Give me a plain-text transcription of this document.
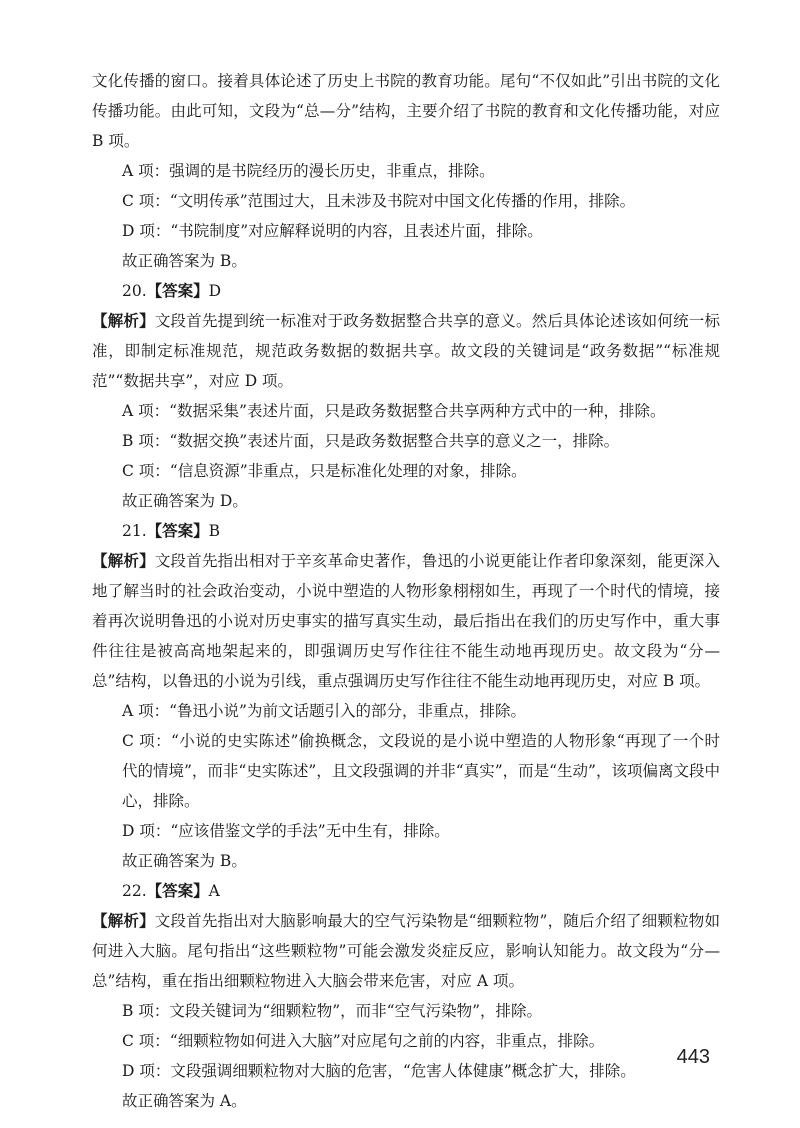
文化传播的窗口。接着具体论述了历史上书院的教育功能。尾句“不仅如此”引出书院的文化传播功能。由此可知，文段为“总—分”结构，主要介绍了书院的教育和文化传播功能，对应 B 项。

A 项：强调的是书院经历的漫长历史，非重点，排除。

C 项：“文明传承”范围过大，且未涉及书院对中国文化传播的作用，排除。

D 项：“书院制度”对应解释说明的内容，且表述片面，排除。

故正确答案为 B。

20.【答案】D

【解析】文段首先提到统一标准对于政务数据整合共享的意义。然后具体论述该如何统一标准，即制定标准规范，规范政务数据的数据共享。故文段的关键词是“政务数据”“标准规范”“数据共享”，对应 D 项。

A 项：“数据采集”表述片面，只是政务数据整合共享两种方式中的一种，排除。

B 项：“数据交换”表述片面，只是政务数据整合共享的意义之一，排除。

C 项：“信息资源”非重点，只是标准化处理的对象，排除。

故正确答案为 D。

21.【答案】B

【解析】文段首先指出相对于辛亥革命史著作，鲁迅的小说更能让作者印象深刻，能更深入地了解当时的社会政治变动，小说中塑造的人物形象栩栩如生，再现了一个时代的情境，接着再次说明鲁迅的小说对历史事实的描写真实生动，最后指出在我们的历史写作中，重大事件往往是被高高地架起来的，即强调历史写作往往不能生动地再现历史。故文段为“分—总”结构，以鲁迅的小说为引线，重点强调历史写作往往不能生动地再现历史，对应 B 项。

A 项：“鲁迅小说”为前文话题引入的部分，非重点，排除。

C 项：“小说的史实陈述”偷换概念，文段说的是小说中塑造的人物形象“再现了一个时代的情境”，而非“史实陈述”，且文段强调的并非“真实”，而是“生动”，该项偏离文段中心，排除。

D 项：“应该借鉴文学的手法”无中生有，排除。

故正确答案为 B。

22.【答案】A

【解析】文段首先指出对大脑影响最大的空气污染物是“细颗粒物”，随后介绍了细颗粒物如何进入大脑。尾句指出“这些颗粒物”可能会激发炎症反应，影响认知能力。故文段为“分—总”结构，重在指出细颗粒物进入大脑会带来危害，对应 A 项。

B 项：文段关键词为“细颗粒物”，而非“空气污染物”，排除。

C 项：“细颗粒物如何进入大脑”对应尾句之前的内容，非重点，排除。

D 项：文段强调细颗粒物对大脑的危害，“危害人体健康”概念扩大，排除。

故正确答案为 A。

443
